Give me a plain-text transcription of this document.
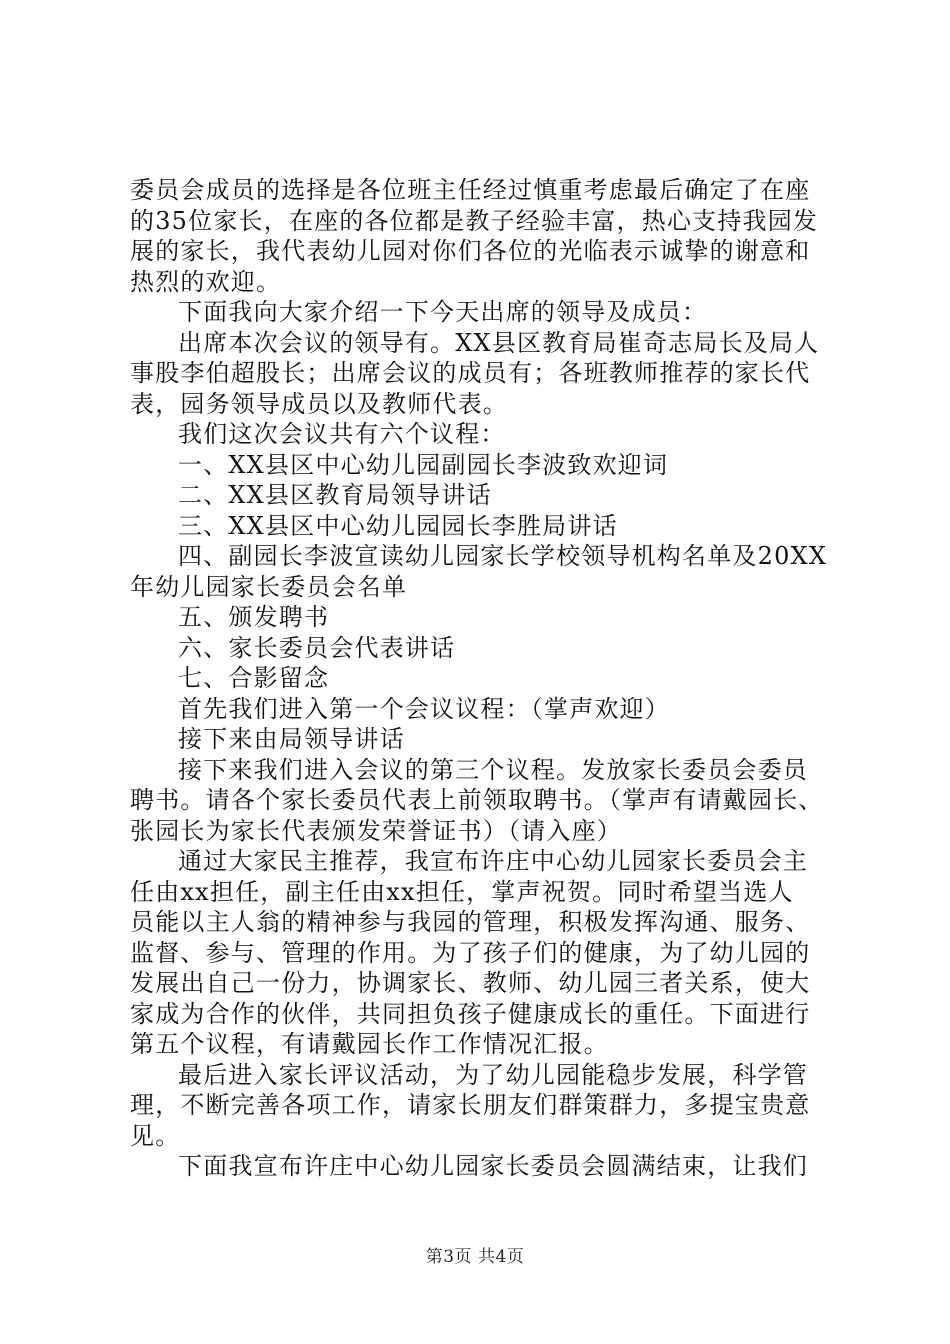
委员会成员的选择是各位班主任经过慎重考虑最后确定了在座
的35位家长，在座的各位都是教子经验丰富，热心支持我园发
展的家长，我代表幼儿园对你们各位的光临表示诚挚的谢意和
热烈的欢迎。
下面我向大家介绍一下今天出席的领导及成员：
出席本次会议的领导有。XX县区教育局崔奇志局长及局人
事股李伯超股长；出席会议的成员有；各班教师推荐的家长代
表，园务领导成员以及教师代表。
我们这次会议共有六个议程：
一、XX县区中心幼儿园副园长李波致欢迎词
二、XX县区教育局领导讲话
三、XX县区中心幼儿园园长李胜局讲话
四、副园长李波宣读幼儿园家长学校领导机构名单及20XX
年幼儿园家长委员会名单
五、颁发聘书
六、家长委员会代表讲话
七、合影留念
首先我们进入第一个会议议程：（掌声欢迎）
接下来由局领导讲话
接下来我们进入会议的第三个议程。发放家长委员会委员
聘书。请各个家长委员代表上前领取聘书。（掌声有请戴园长、
张园长为家长代表颁发荣誉证书）（请入座）
通过大家民主推荐，我宣布许庄中心幼儿园家长委员会主
任由xx担任，副主任由xx担任，掌声祝贺。同时希望当选人
员能以主人翁的精神参与我园的管理，积极发挥沟通、服务、
监督、参与、管理的作用。为了孩子们的健康，为了幼儿园的
发展出自己一份力，协调家长、教师、幼儿园三者关系，使大
家成为合作的伙伴，共同担负孩子健康成长的重任。下面进行
第五个议程，有请戴园长作工作情况汇报。
最后进入家长评议活动，为了幼儿园能稳步发展，科学管
理，不断完善各项工作，请家长朋友们群策群力，多提宝贵意
见。
下面我宣布许庄中心幼儿园家长委员会圆满结束，让我们
第3页 共4页
